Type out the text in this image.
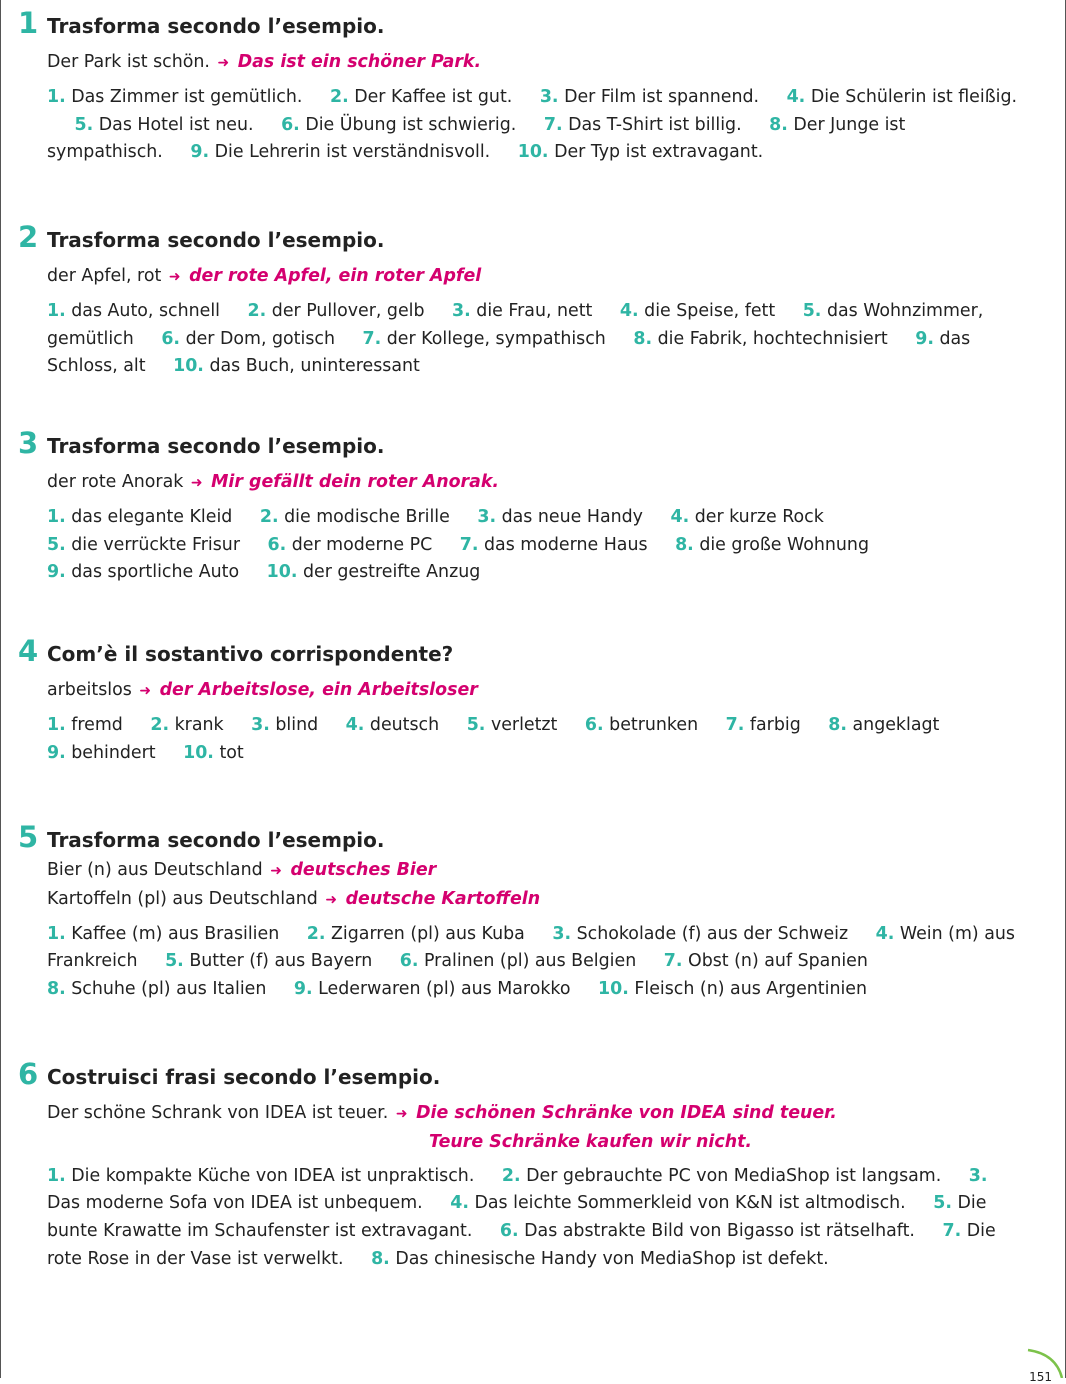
1 Trasforma secondo l’esempio.
Der Park ist schön. ➜ Das ist ein schöner Park.
1. Das Zimmer ist gemütlich. 2. Der Kaffee ist gut. 3. Der Film ist spannend. 4. Die Schülerin ist fleißig. 5. Das Hotel ist neu. 6. Die Übung ist schwierig. 7. Das T-Shirt ist billig. 8. Der Junge ist sympathisch. 9. Die Lehrerin ist verständnisvoll. 10. Der Typ ist extravagant.
2 Trasforma secondo l’esempio.
der Apfel, rot ➜ der rote Apfel, ein roter Apfel
1. das Auto, schnell 2. der Pullover, gelb 3. die Frau, nett 4. die Speise, fett 5. das Wohnzimmer, gemütlich 6. der Dom, gotisch 7. der Kollege, sympathisch 8. die Fabrik, hochtechnisiert 9. das Schloss, alt 10. das Buch, uninteressant
3 Trasforma secondo l’esempio.
der rote Anorak ➜ Mir gefällt dein roter Anorak.
1. das elegante Kleid 2. die modische Brille 3. das neue Handy 4. der kurze Rock
5. die verrückte Frisur 6. der moderne PC 7. das moderne Haus 8. die große Wohnung
9. das sportliche Auto 10. der gestreifte Anzug
4 Com’è il sostantivo corrispondente?
arbeitslos ➜ der Arbeitslose, ein Arbeitsloser
1. fremd 2. krank 3. blind 4. deutsch 5. verletzt 6. betrunken 7. farbig 8. angeklagt
9. behindert 10. tot
5 Trasforma secondo l’esempio.
Bier (n) aus Deutschland ➜ deutsches Bier
Kartoffeln (pl) aus Deutschland ➜ deutsche Kartoffeln
1. Kaffee (m) aus Brasilien 2. Zigarren (pl) aus Kuba 3. Schokolade (f) aus der Schweiz 4. Wein (m) aus Frankreich 5. Butter (f) aus Bayern 6. Pralinen (pl) aus Belgien 7. Obst (n) auf Spanien
8. Schuhe (pl) aus Italien 9. Lederwaren (pl) aus Marokko 10. Fleisch (n) aus Argentinien
6 Costruisci frasi secondo l’esempio.
Der schöne Schrank von IDEA ist teuer. ➜ Die schönen Schränke von IDEA sind teuer.
Teure Schränke kaufen wir nicht.
1. Die kompakte Küche von IDEA ist unpraktisch. 2. Der gebrauchte PC von MediaShop ist langsam. 3. Das moderne Sofa von IDEA ist unbequem. 4. Das leichte Sommerkleid von K&N ist altmodisch. 5. Die bunte Krawatte im Schaufenster ist extravagant. 6. Das abstrakte Bild von Bigasso ist rätselhaft. 7. Die rote Rose in der Vase ist verwelkt. 8. Das chinesische Handy von MediaShop ist defekt.
151
